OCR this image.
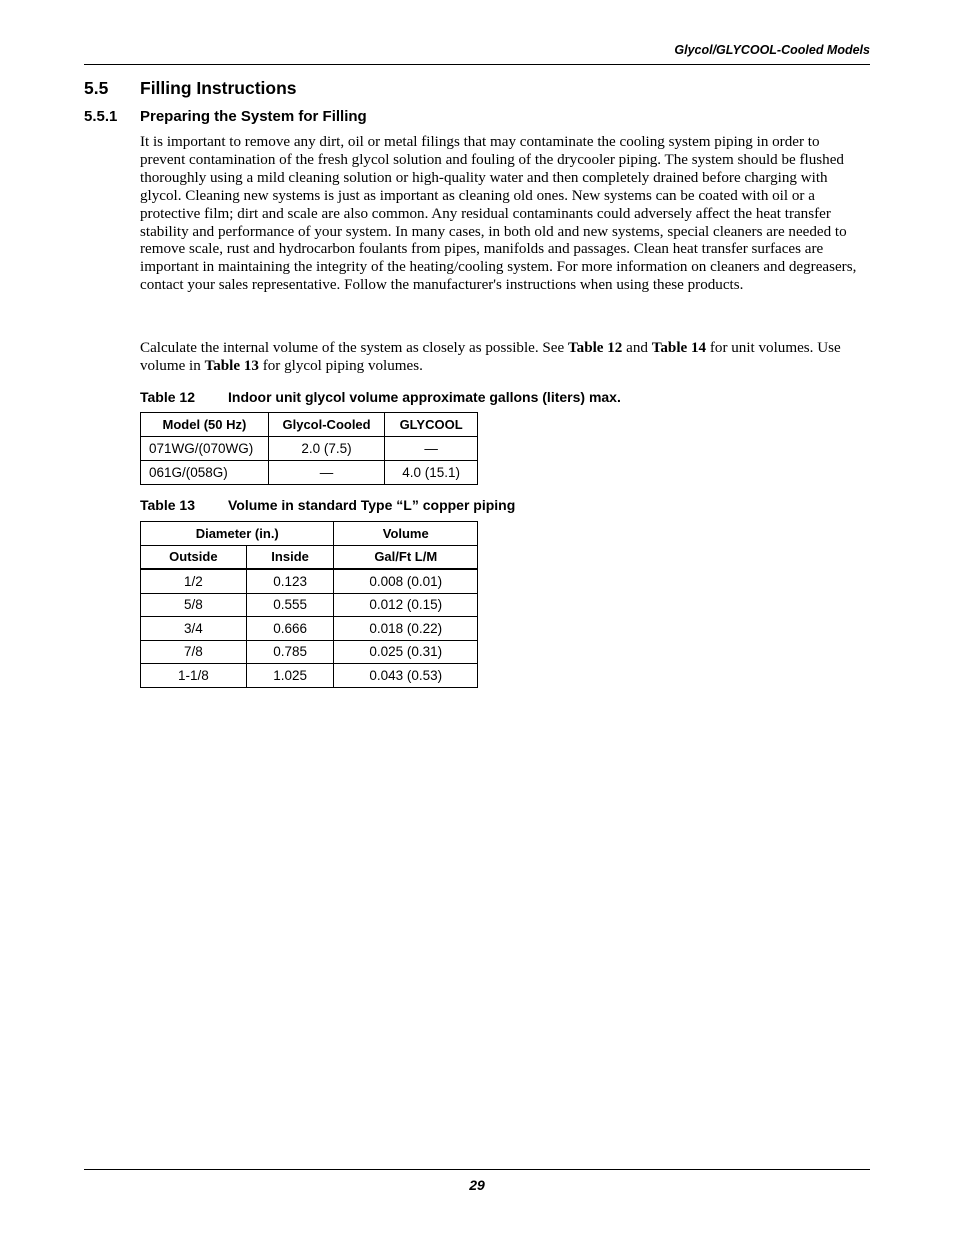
Glycol/GLYCOOL-Cooled Models
5.5 Filling Instructions
5.5.1 Preparing the System for Filling

It is important to remove any dirt, oil or metal filings that may contaminate the cooling system piping in order to prevent contamination of the fresh glycol solution and fouling of the drycooler piping. The system should be flushed thoroughly using a mild cleaning solution or high-quality water and then completely drained before charging with glycol. Cleaning new systems is just as important as cleaning old ones. New systems can be coated with oil or a protective film; dirt and scale are also common. Any residual contaminants could adversely affect the heat transfer stability and performance of your system. In many cases, in both old and new systems, special cleaners are needed to remove scale, rust and hydrocarbon foulants from pipes, manifolds and passages. Clean heat transfer surfaces are important in maintaining the integrity of the heating/cooling system. For more information on cleaners and degreasers, contact your sales representative. Follow the manufacturer's instructions when using these products.

Calculate the internal volume of the system as closely as possible. See Table 12 and Table 14 for unit volumes. Use volume in Table 13 for glycol piping volumes.

Table 12 Indoor unit glycol volume approximate gallons (liters) max.
Model (50 Hz)	Glycol-Cooled	GLYCOOL
071WG/(070WG)	2.0 (7.5)	—
061G/(058G)	—	4.0 (15.1)
Table 13 Volume in standard Type “L” copper piping
Diameter (in.)		Volume
Outside	Inside	Gal/Ft L/M
1/2	0.123	0.008 (0.01)
5/8	0.555	0.012 (0.15)
3/4	0.666	0.018 (0.22)
7/8	0.785	0.025 (0.31)
1-1/8	1.025	0.043 (0.53)
29
